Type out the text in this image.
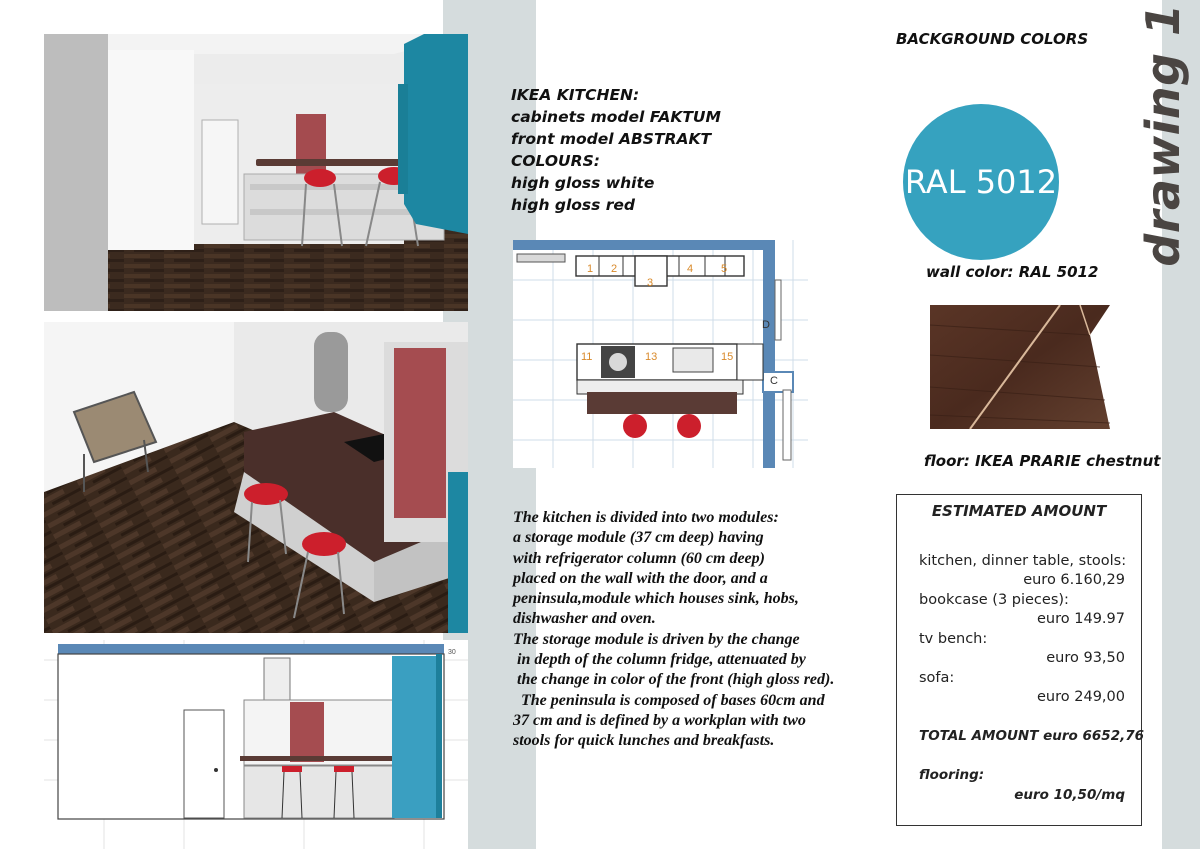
30
IKEA KITCHEN:
cabinets model FAKTUM
front model ABSTRAKT
COLOURS:
high gloss white
high gloss red
D
C
1 2
3
4	5
11	13	15
The kitchen is divided into two modules:
a storage module (37 cm deep) having
with refrigerator column (60 cm deep)
placed on the wall with the door, and a
peninsula,module which houses sink, hobs,
dishwasher and oven.
The storage module is driven by the change
in depth of the column fridge, attenuated by
the change in color of the front (high gloss red).
The peninsula is composed of bases 60cm and
37 cm and is defined by a workplan with two
stools for quick lunches and breakfasts.
BACKGROUND COLORS
RAL 5012
wall color: RAL 5012
floor: IKEA PRARIE chestnut
drawing 1
ESTIMATED AMOUNT
kitchen, dinner table, stools:
euro 6.160,29
bookcase (3 pieces):
euro 149.97
tv bench:
euro 93,50
sofa:
euro 249,00
TOTAL AMOUNT euro 6652,76
flooring:
euro 10,50/mq
